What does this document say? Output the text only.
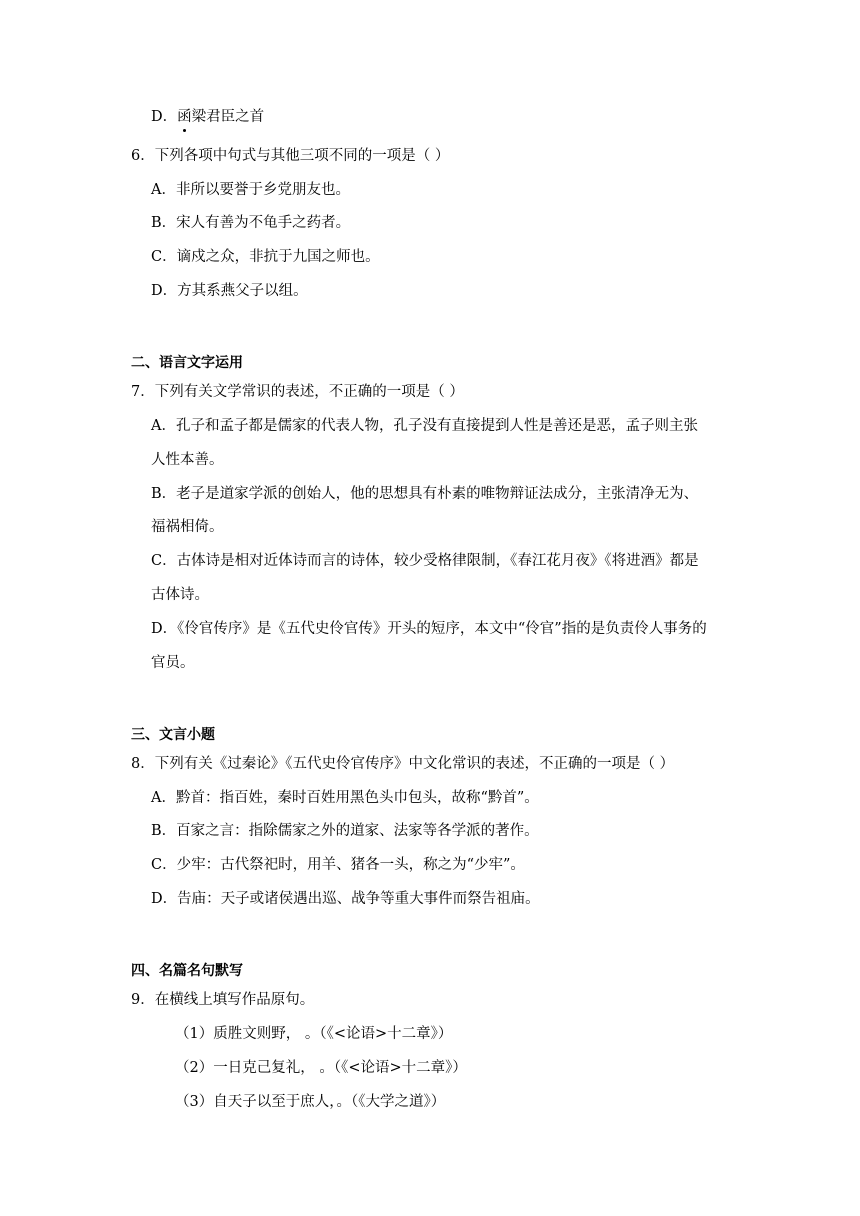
D．函梁君臣之首
6．下列各项中句式与其他三项不同的一项是（ ）
A．非所以要誉于乡党朋友也。
B．宋人有善为不龟手之药者。
C．谪戍之众，非抗于九国之师也。
D．方其系燕父子以组。
二、语言文字运用
7．下列有关文学常识的表述，不正确的一项是（ ）
A．孔子和孟子都是儒家的代表人物，孔子没有直接提到人性是善还是恶，孟子则主张
人性本善。
B．老子是道家学派的创始人，他的思想具有朴素的唯物辩证法成分，主张清净无为、
福祸相倚。
C．古体诗是相对近体诗而言的诗体，较少受格律限制，《春江花月夜》《将进酒》都是
古体诗。
D．《伶官传序》是《五代史伶官传》开头的短序，本文中“伶官”指的是负责伶人事务的
官员。
三、文言小题
8．下列有关《过秦论》《五代史伶官传序》中文化常识的表述，不正确的一项是（ ）
A．黔首：指百姓，秦时百姓用黑色头巾包头，故称“黔首”。
B．百家之言：指除儒家之外的道家、法家等各学派的著作。
C．少牢：古代祭祀时，用羊、猪各一头，称之为“少牢”。
D．告庙：天子或诸侯遇出巡、战争等重大事件而祭告祖庙。
四、名篇名句默写
9．在横线上填写作品原句。
（1）质胜文则野， 。（《<论语>十二章》）
（2）一日克己复礼， 。（《<论语>十二章》）
（3）自天子以至于庶人，。（《大学之道》）
